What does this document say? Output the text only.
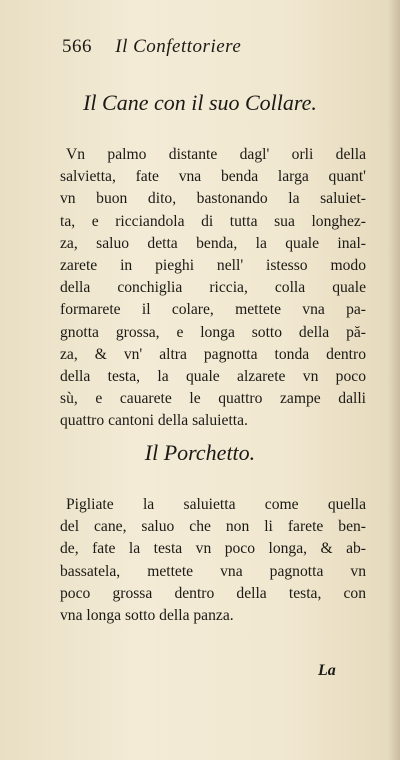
566 Il Confettoriere
Il Cane con il suo Collare.
Vn palmo distante dagl' orli della
salvietta, fate vna benda larga quant'
vn buon dito, bastonando la saluiet-
ta, e ricciandola di tutta sua longhez-
za, saluo detta benda, la quale inal-
zarete in pieghi nell' istesso modo
della conchiglia riccia, colla quale
formarete il colare, mettete vna pa-
gnotta grossa, e longa sotto della pă-
za, & vn' altra pagnotta tonda dentro
della testa, la quale alzarete vn poco
sù, e cauarete le quattro zampe dalli
quattro cantoni della saluietta.
Il Porchetto.
Pigliate la saluietta come quella
del cane, saluo che non li farete ben-
de, fate la testa vn poco longa, & ab-
bassatela, mettete vna pagnotta vn
poco grossa dentro della testa, con
vna longa sotto della panza.
La
